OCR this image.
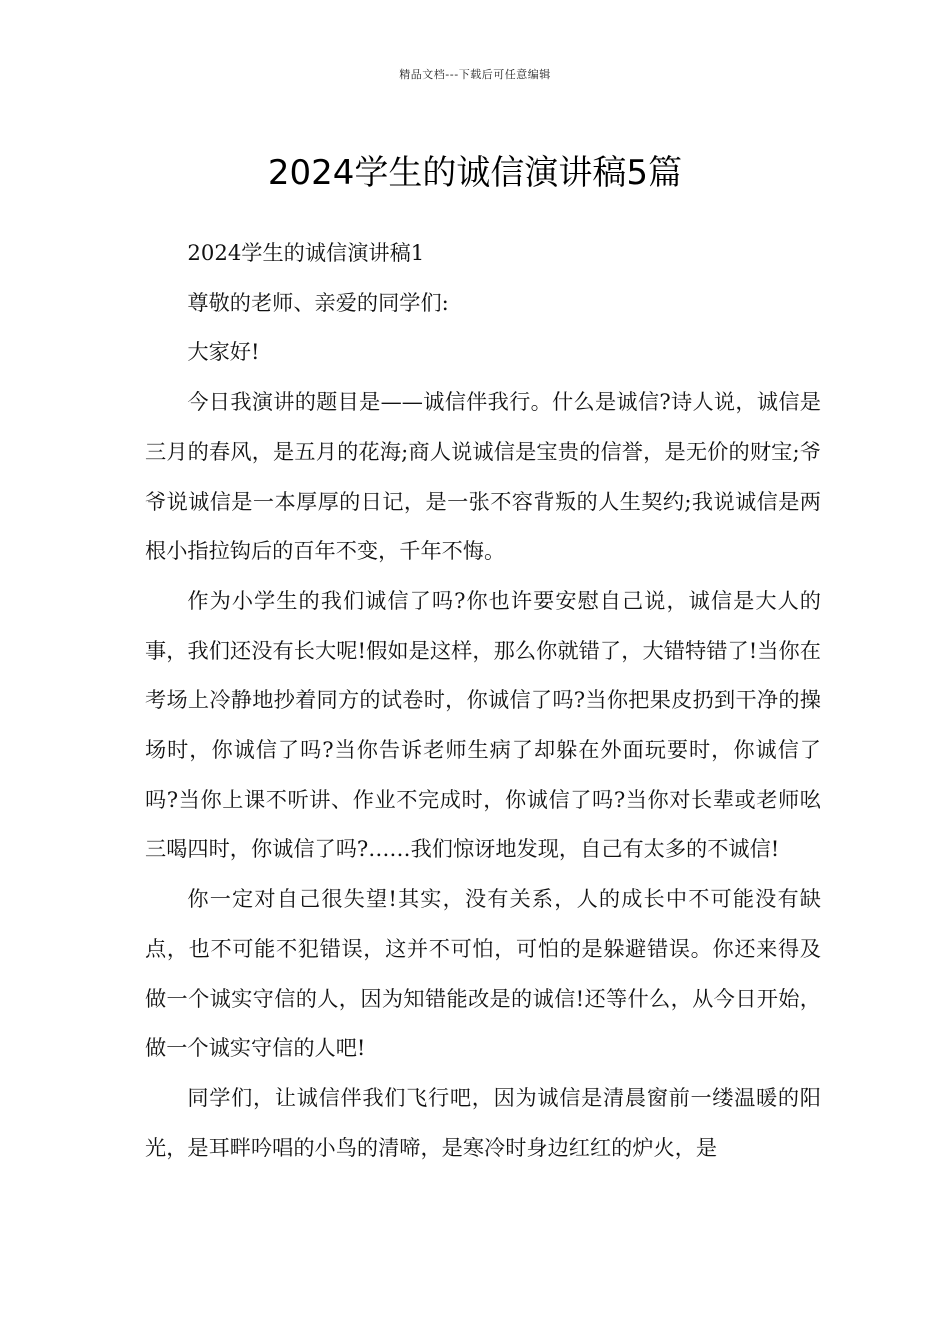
精品文档---下载后可任意编辑
2024学生的诚信演讲稿5篇

2024学生的诚信演讲稿1

尊敬的老师、亲爱的同学们:

大家好!

今日我演讲的题目是——诚信伴我行。什么是诚信?诗人说，诚信是三月的春风，是五月的花海;商人说诚信是宝贵的信誉，是无价的财宝;爷爷说诚信是一本厚厚的日记，是一张不容背叛的人生契约;我说诚信是两根小指拉钩后的百年不变，千年不悔。

作为小学生的我们诚信了吗?你也许要安慰自己说，诚信是大人的事，我们还没有长大呢!假如是这样，那么你就错了，大错特错了!当你在考场上冷静地抄着同方的试卷时，你诚信了吗?当你把果皮扔到干净的操场时，你诚信了吗?当你告诉老师生病了却躲在外面玩要时，你诚信了吗?当你上课不听讲、作业不完成时，你诚信了吗?当你对长辈或老师吆三喝四时，你诚信了吗?……我们惊讶地发现，自己有太多的不诚信!

你一定对自己很失望!其实，没有关系，人的成长中不可能没有缺点，也不可能不犯错误，这并不可怕，可怕的是躲避错误。你还来得及做一个诚实守信的人，因为知错能改是的诚信!还等什么，从今日开始，做一个诚实守信的人吧!

同学们，让诚信伴我们飞行吧，因为诚信是清晨窗前一缕温暖的阳光，是耳畔吟唱的小鸟的清啼，是寒冷时身边红红的炉火，是
